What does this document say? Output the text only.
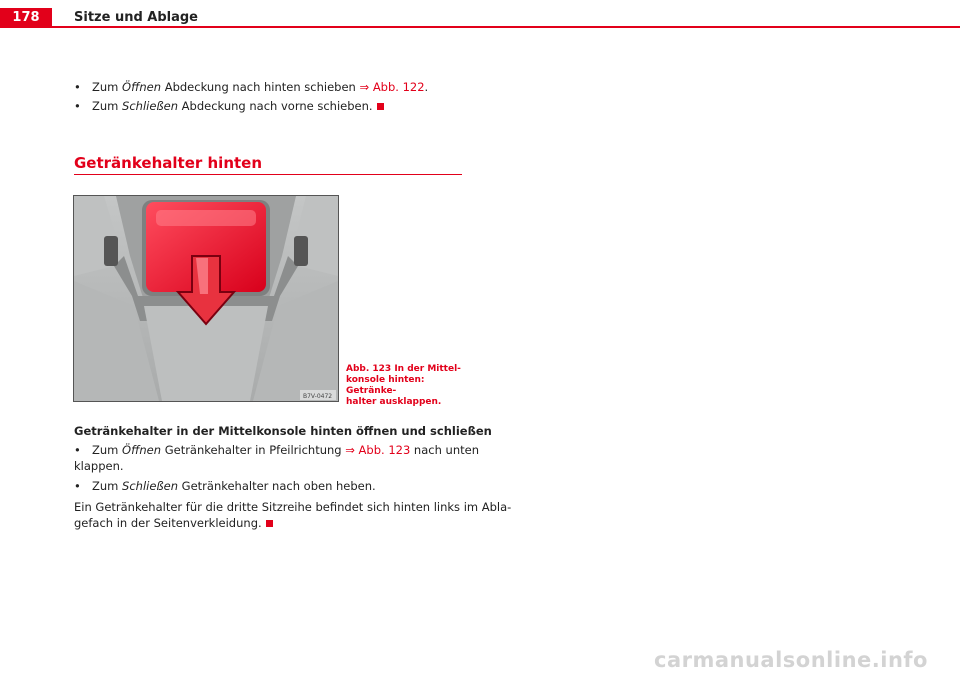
178	Sitze und Ablage
• Zum Öffnen Abdeckung nach hinten schieben ⇒ Abb. 122.
• Zum Schließen Abdeckung nach vorne schieben.
Getränkehalter hinten
B7V-0472
Abb. 123 In der Mittel-
konsole hinten: Getränke-
halter ausklappen.
Getränkehalter in der Mittelkonsole hinten öffnen und schließen
• Zum Öffnen Getränkehalter in Pfeilrichtung ⇒ Abb. 123 nach unten
klappen.
• Zum Schließen Getränkehalter nach oben heben.
Ein Getränkehalter für die dritte Sitzreihe befindet sich hinten links im Abla-
gefach in der Seitenverkleidung.
carmanualsonline.info
